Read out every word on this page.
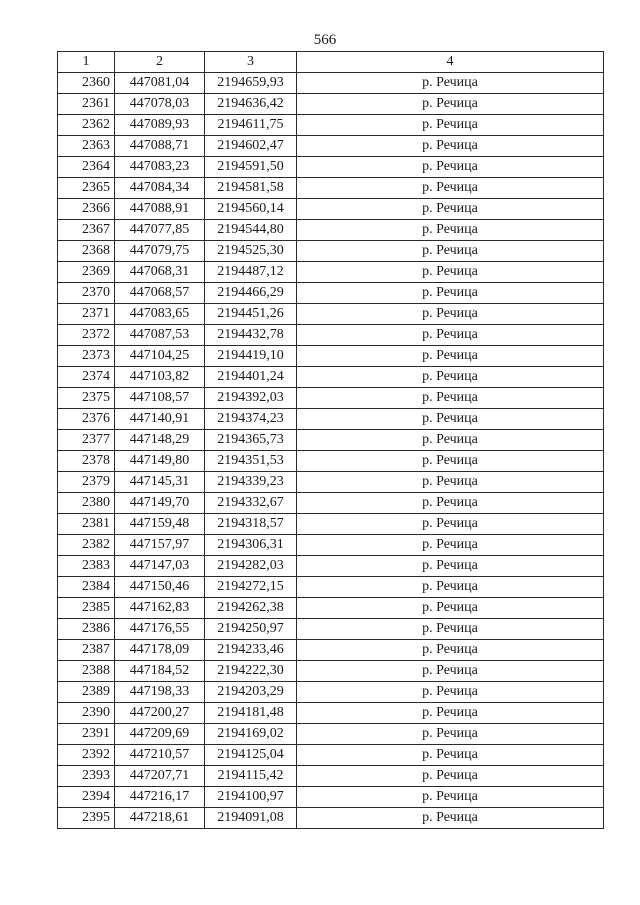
566
1	2	3	4
2360	447081,04	2194659,93	р. Речица
2361	447078,03	2194636,42	р. Речица
2362	447089,93	2194611,75	р. Речица
2363	447088,71	2194602,47	р. Речица
2364	447083,23	2194591,50	р. Речица
2365	447084,34	2194581,58	р. Речица
2366	447088,91	2194560,14	р. Речица
2367	447077,85	2194544,80	р. Речица
2368	447079,75	2194525,30	р. Речица
2369	447068,31	2194487,12	р. Речица
2370	447068,57	2194466,29	р. Речица
2371	447083,65	2194451,26	р. Речица
2372	447087,53	2194432,78	р. Речица
2373	447104,25	2194419,10	р. Речица
2374	447103,82	2194401,24	р. Речица
2375	447108,57	2194392,03	р. Речица
2376	447140,91	2194374,23	р. Речица
2377	447148,29	2194365,73	р. Речица
2378	447149,80	2194351,53	р. Речица
2379	447145,31	2194339,23	р. Речица
2380	447149,70	2194332,67	р. Речица
2381	447159,48	2194318,57	р. Речица
2382	447157,97	2194306,31	р. Речица
2383	447147,03	2194282,03	р. Речица
2384	447150,46	2194272,15	р. Речица
2385	447162,83	2194262,38	р. Речица
2386	447176,55	2194250,97	р. Речица
2387	447178,09	2194233,46	р. Речица
2388	447184,52	2194222,30	р. Речица
2389	447198,33	2194203,29	р. Речица
2390	447200,27	2194181,48	р. Речица
2391	447209,69	2194169,02	р. Речица
2392	447210,57	2194125,04	р. Речица
2393	447207,71	2194115,42	р. Речица
2394	447216,17	2194100,97	р. Речица
2395	447218,61	2194091,08	р. Речица
